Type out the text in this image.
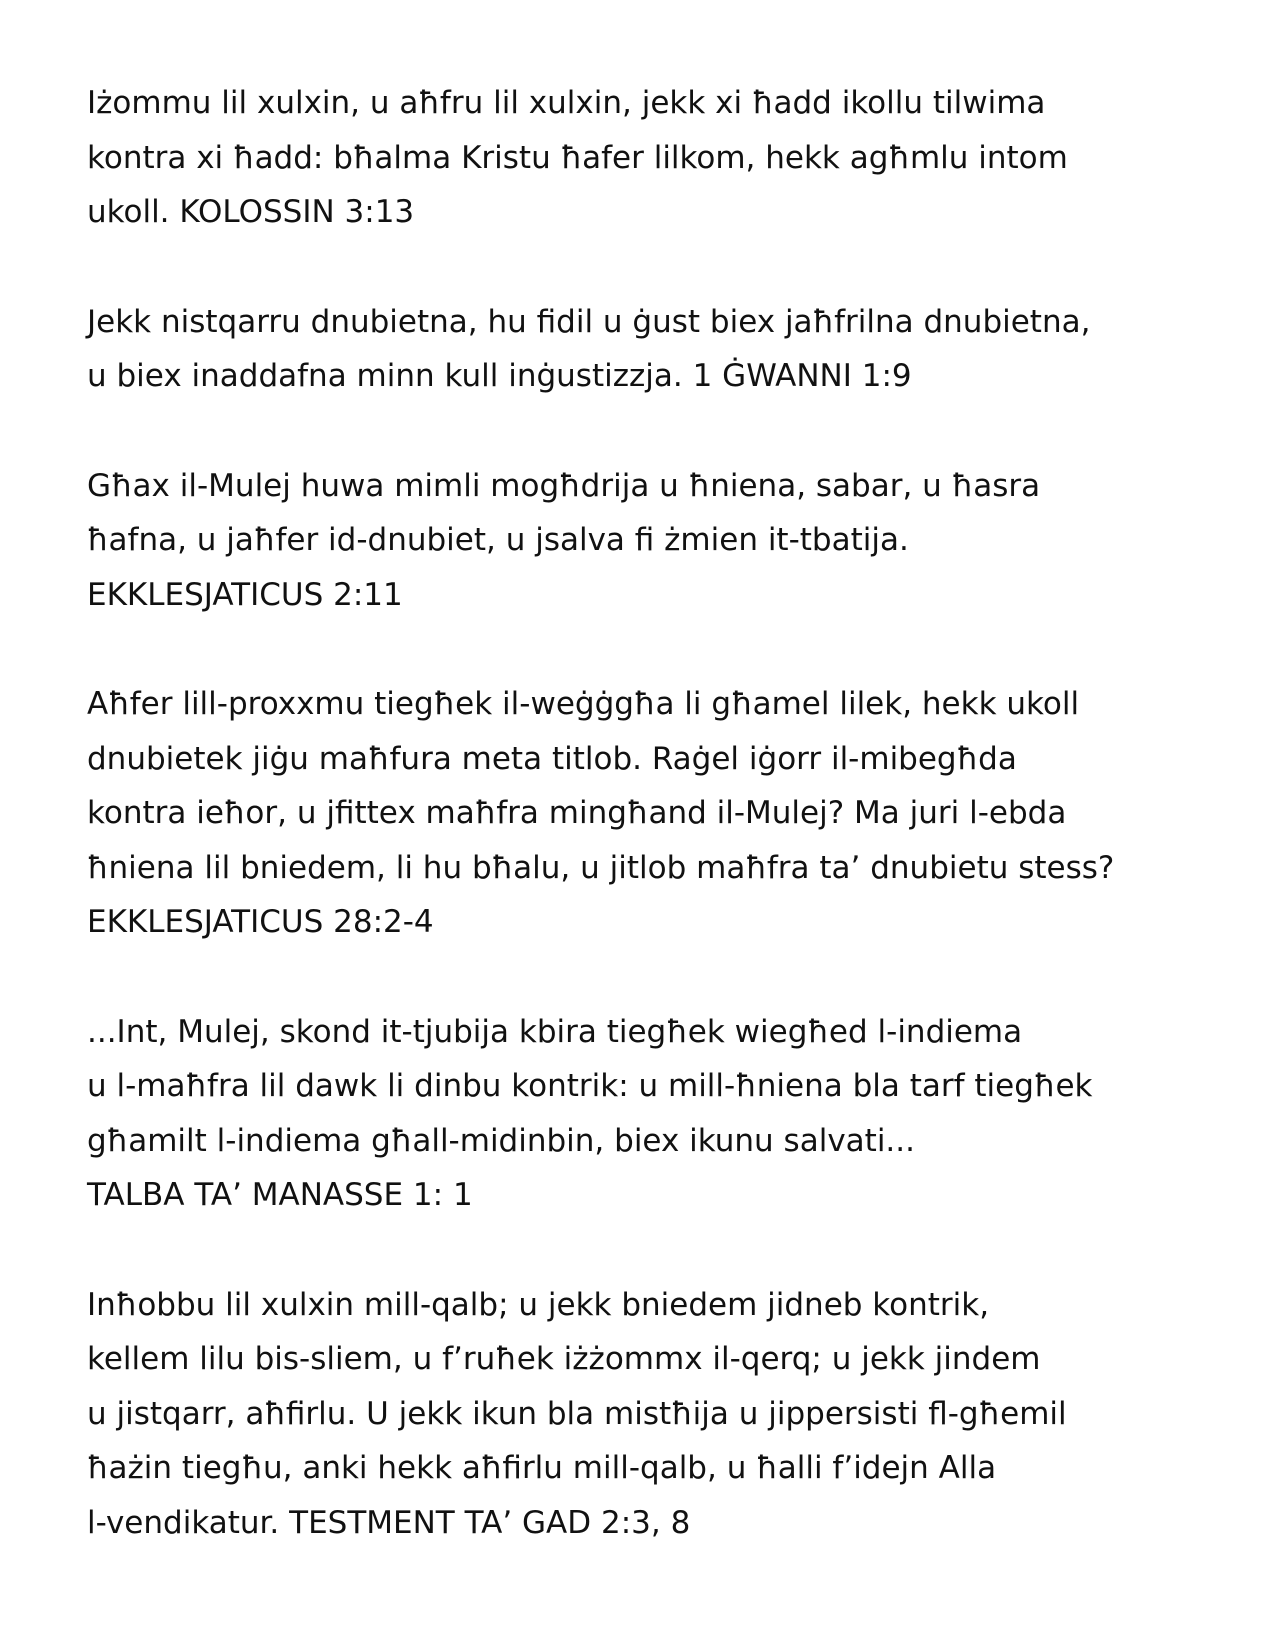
Iżommu lil xulxin, u aħfru lil xulxin, jekk xi ħadd ikollu tilwima
kontra xi ħadd: bħalma Kristu ħafer lilkom, hekk agħmlu intom
ukoll. KOLOSSIN 3:13
Jekk nistqarru dnubietna, hu fidil u ġust biex jaħfrilna dnubietna,
u biex inaddafna minn kull inġustizzja. 1 ĠWANNI 1:9
Għax il-Mulej huwa mimli mogħdrija u ħniena, sabar, u ħasra
ħafna, u jaħfer id-dnubiet, u jsalva fi żmien it-tbatija.
EKKLESJATICUS 2:11
Aħfer lill-proxxmu tiegħek il-weġġgħa li għamel lilek, hekk ukoll
dnubietek jiġu maħfura meta titlob. Raġel iġorr il-mibegħda
kontra ieħor, u jfittex maħfra mingħand il-Mulej? Ma juri l-ebda
ħniena lil bniedem, li hu bħalu, u jitlob maħfra ta’ dnubietu stess?
EKKLESJATICUS 28:2-4
...Int, Mulej, skond it-tjubija kbira tiegħek wiegħed l-indiema
u l-maħfra lil dawk li dinbu kontrik: u mill-ħniena bla tarf tiegħek
għamilt l-indiema għall-midinbin, biex ikunu salvati...
TALBA TA’ MANASSE 1: 1
Inħobbu lil xulxin mill-qalb; u jekk bniedem jidneb kontrik,
kellem lilu bis-sliem, u f’ruħek iżżommx il-qerq; u jekk jindem
u jistqarr, aħfirlu. U jekk ikun bla mistħija u jippersisti fl-għemil
ħażin tiegħu, anki hekk aħfirlu mill-qalb, u ħalli f’idejn Alla
l-vendikatur. TESTMENT TA’ GAD 2:3, 8
